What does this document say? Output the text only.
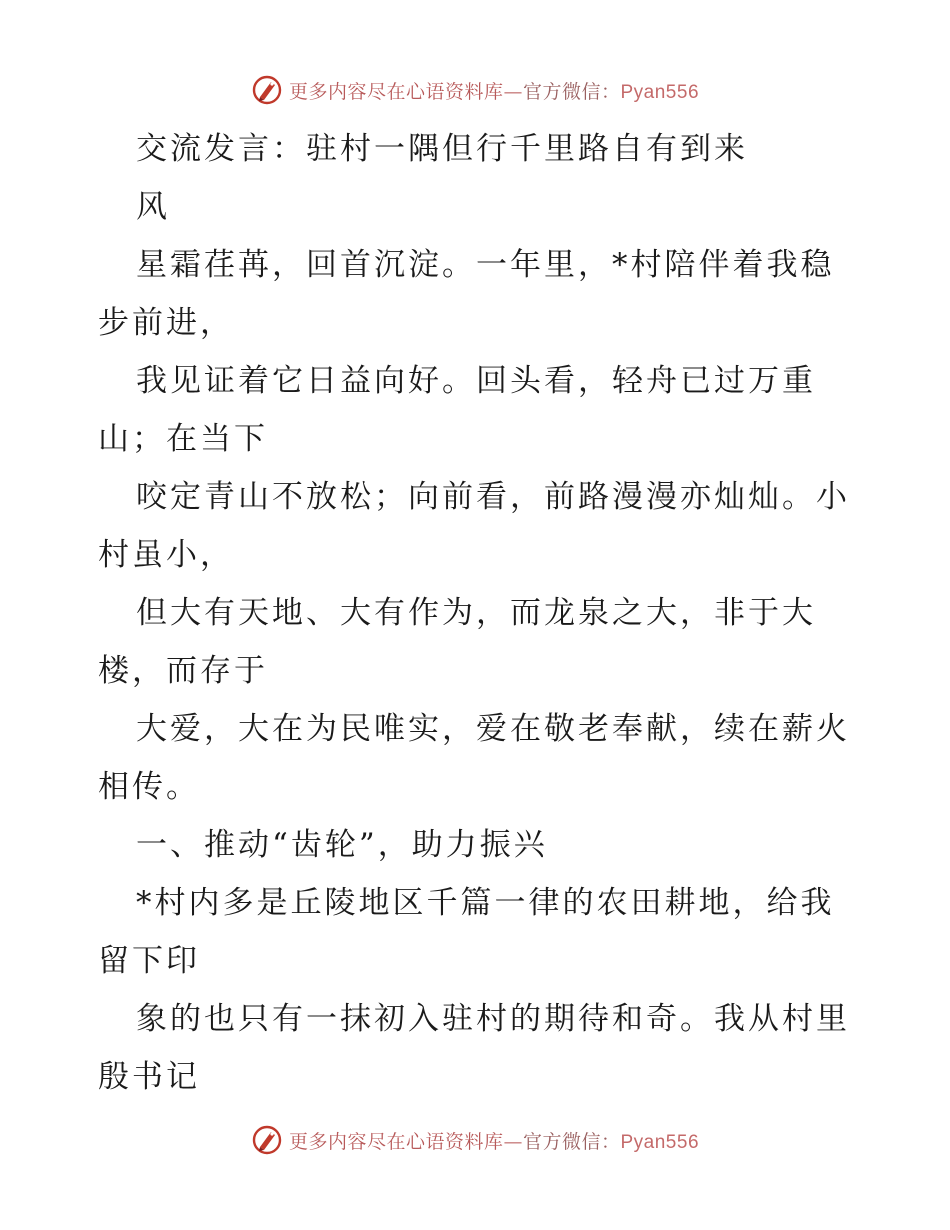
更多内容尽在心语资料库—官方微信：Pyan556
交流发言：驻村一隅但行千里路自有到来
风
星霜荏苒，回首沉淀。一年里，*村陪伴着我稳
步前进，
我见证着它日益向好。回头看，轻舟已过万重
山；在当下
咬定青山不放松；向前看，前路漫漫亦灿灿。小
村虽小，
但大有天地、大有作为，而龙泉之大，非于大
楼，而存于
大爱，大在为民唯实，爱在敬老奉献，续在薪火
相传。
一、推动“齿轮”，助力振兴
*村内多是丘陵地区千篇一律的农田耕地，给我
留下印
象的也只有一抹初入驻村的期待和奇。我从村里
殷书记
更多内容尽在心语资料库—官方微信：Pyan556
